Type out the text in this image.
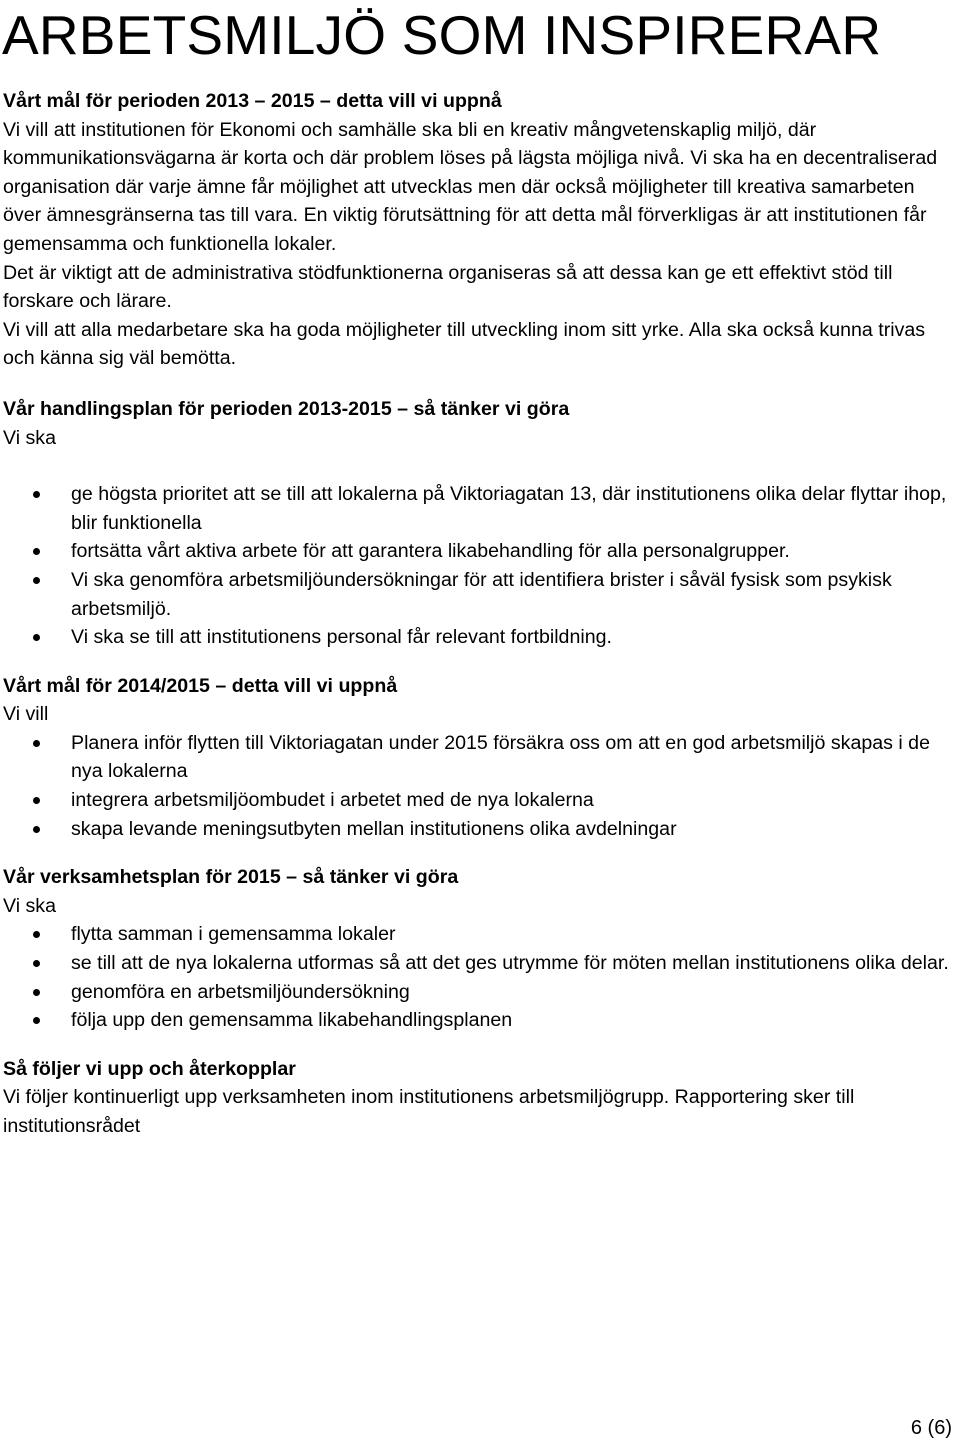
ARBETSMILJÖ SOM INSPIRERAR

Vårt mål för perioden 2013 – 2015 – detta vill vi uppnå

Vi vill att institutionen för Ekonomi och samhälle ska bli en kreativ mångvetenskaplig miljö, där kommunikationsvägarna är korta och där problem löses på lägsta möjliga nivå. Vi ska ha en decentraliserad organisation där varje ämne får möjlighet att utvecklas men där också möjligheter till kreativa samarbeten över ämnesgränserna tas till vara. En viktig förutsättning för att detta mål förverkligas är att institutionen får gemensamma och funktionella lokaler.

Det är viktigt att de administrativa stödfunktionerna organiseras så att dessa kan ge ett effektivt stöd till forskare och lärare.

Vi vill att alla medarbetare ska ha goda möjligheter till utveckling inom sitt yrke. Alla ska också kunna trivas och känna sig väl bemötta.

Vår handlingsplan för perioden 2013-2015 – så tänker vi göra

Vi ska

ge högsta prioritet att se till att lokalerna på Viktoriagatan 13, där institutionens olika delar flyttar ihop, blir funktionella
fortsätta vårt aktiva arbete för att garantera likabehandling för alla personalgrupper.
Vi ska genomföra arbetsmiljöundersökningar för att identifiera brister i såväl fysisk som psykisk arbetsmiljö.
Vi ska se till att institutionens personal får relevant fortbildning.

Vårt mål för 2014/2015 – detta vill vi uppnå

Vi vill

Planera inför flytten till Viktoriagatan under 2015 försäkra oss om att en god arbetsmiljö skapas i de nya lokalerna
integrera arbetsmiljöombudet i arbetet med de nya lokalerna
skapa levande meningsutbyten mellan institutionens olika avdelningar

Vår verksamhetsplan för 2015 – så tänker vi göra

Vi ska

flytta samman i gemensamma lokaler
se till att de nya lokalerna utformas så att det ges utrymme för möten mellan institutionens olika delar.
genomföra en arbetsmiljöundersökning
följa upp den gemensamma likabehandlingsplanen

Så följer vi upp och återkopplar

Vi följer kontinuerligt upp verksamheten inom institutionens arbetsmiljögrupp. Rapportering sker till institutionsrådet

6 (6)
